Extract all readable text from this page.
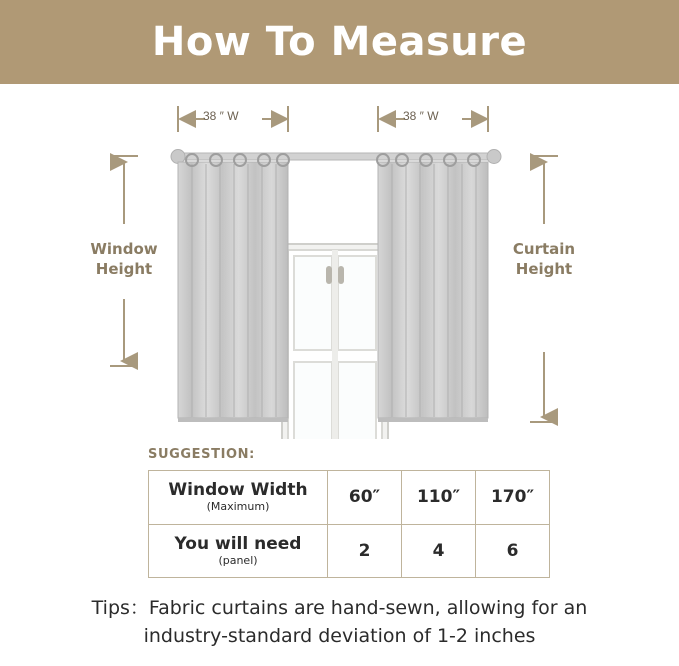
How To Measure
38 ″ W	38 ″ W
Window
Height
Curtain
Height
SUGGESTION:
Window Width
(Maximum)	60″	110″	170″

You will need
(panel)	2	4	6
Tips：Fabric curtains are hand-sewn, allowing for an
industry-standard deviation of 1-2 inches
